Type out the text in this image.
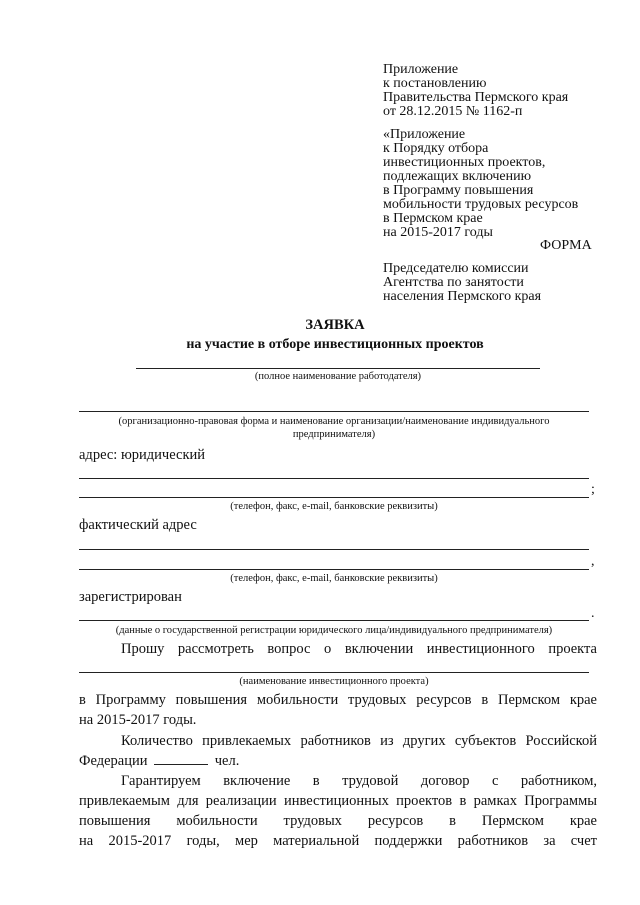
Приложение
к постановлению
Правительства Пермского края
от 28.12.2015 № 1162-п
«Приложение
к Порядку отбора
инвестиционных проектов,
подлежащих включению
в Программу повышения
мобильности трудовых ресурсов
в Пермском крае
на 2015-2017 годы
ФОРМА
Председателю комиссии
Агентства по занятости
населения Пермского края
ЗАЯВКА
на участие в отборе инвестиционных проектов
(полное наименование работодателя)
(организационно-правовая форма и наименование организации/наименование индивидуального
предпринимателя)
адрес: юридический
;
(телефон, факс, e-mail, банковские реквизиты)
фактический адрес
,
(телефон, факс, e-mail, банковские реквизиты)
зарегистрирован
.
(данные о государственной регистрации юридического лица/индивидуального предпринимателя)
Прошу рассмотреть вопрос о включении инвестиционного проекта
(наименование инвестиционного проекта)
в Программу повышения мобильности трудовых ресурсов в Пермском крае
на 2015-2017 годы.
Количество привлекаемых работников из других субъектов Российской
Федерации	чел.
Гарантируем включение в трудовой договор с работником,
привлекаемым для реализации инвестиционных проектов в рамках Программы
повышения мобильности трудовых ресурсов в Пермском крае
на 2015-2017 годы, мер материальной поддержки работников за счет
